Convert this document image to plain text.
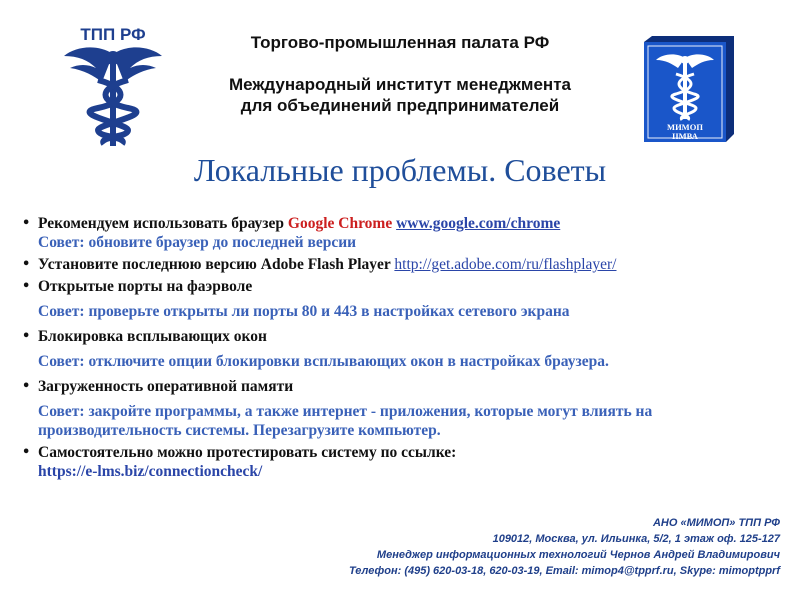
ТПП РФ	Торгово-промышленная палата РФ
Международный институт менеджмента
для объединений предпринимателей
МИМОП
IIМВА
Локальные проблемы. Советы
• Рекомендуем использовать браузер Google Chrome www.google.com/chrome
Совет: обновите браузер до последней версии
• Установите последнюю версию Adobe Flash Player http://get.adobe.com/ru/flashplayer/
• Открытые порты на фаэрволе
Совет: проверьте открыты ли порты 80 и 443 в настройках сетевого экрана
• Блокировка всплывающих окон
Совет: отключите опции блокировки всплывающих окон в настройках браузера.
• Загруженность оперативной памяти
Совет: закройте программы, а также интернет - приложения, которые могут влиять на производительность системы. Перезагрузите компьютер.
• Самостоятельно можно протестировать систему по ссылке:
https://e-lms.biz/connectioncheck/
АНО «МИМОП» ТПП РФ
109012, Москва, ул. Ильинка, 5/2, 1 этаж оф. 125-127
Менеджер информационных технологий Чернов Андрей Владимирович
Телефон: (495) 620-03-18, 620-03-19, Email: mimop4@tpprf.ru, Skype: mimoptpprf
